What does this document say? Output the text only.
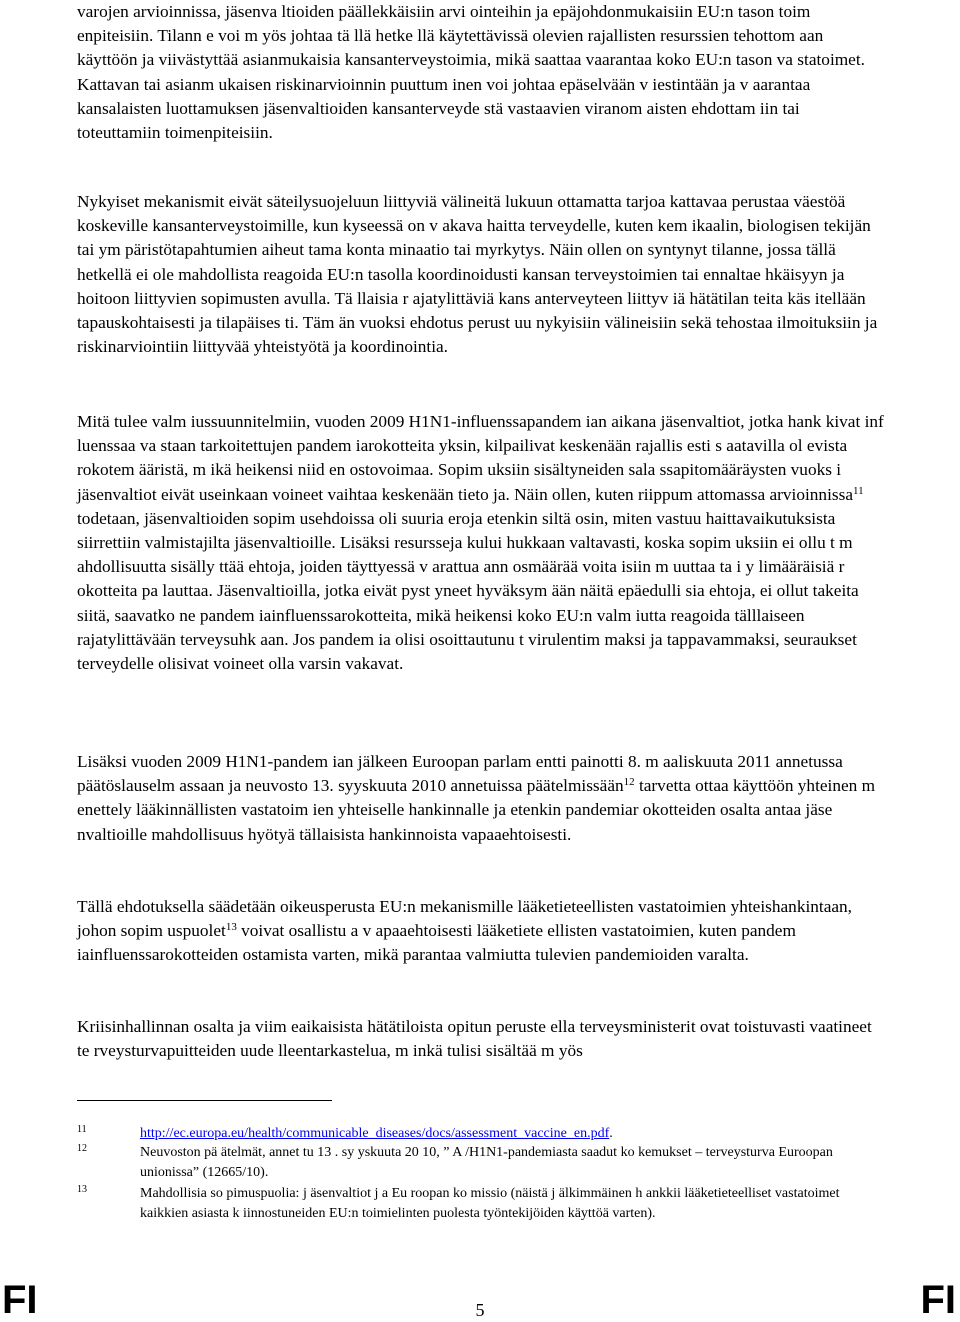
varojen arvioinnissa, jäsenva ltioiden päällekkäisiin arvi ointeihin ja epäjohdonmukaisiin EU:n tason toim enpiteisiin. Tilann e voi m yös johtaa tä llä hetke llä käytettävissä olevien rajallisten resurssien tehottom aan käyttöön ja viivästyttää asianmukaisia kansanterveystoimia, mikä saattaa vaarantaa koko EU:n tason va statoimet. Kattavan tai asianm ukaisen riskinarvioinnin puuttum inen voi johtaa epäselvään v iestintään ja v aarantaa kansalaisten luottamuksen jäsenvaltioiden kansanterveyde stä vastaavien viranom aisten ehdottam iin tai toteuttamiin toimenpiteisiin.

Nykyiset mekanismit eivät säteilysuojeluun liittyviä välineitä lukuun ottamatta tarjoa kattavaa perustaa väestöä koskeville kansanterveystoimille, kun kyseessä on v akava haitta terveydelle, kuten kem ikaalin, biologisen tekijän tai ym päristötapahtumien aiheut tama konta minaatio tai myrkytys. Näin ollen on syntynyt tilanne, jossa tällä hetkellä ei ole mahdollista reagoida EU:n tasolla koordinoidusti kansan terveystoimien tai ennaltae hkäisyyn ja hoitoon liittyvien sopimusten avulla. Tä llaisia r ajatylittäviä kans anterveyteen liittyv iä hätätilan teita käs itellään tapauskohtaisesti ja tilapäises ti. Täm än vuoksi ehdotus perust uu nykyisiin välineisiin sekä tehostaa ilmoituksiin ja riskinarviointiin liittyvää yhteistyötä ja koordinointia.

Mitä tulee valm iussuunnitelmiin, vuoden 2009 H1N1-influenssapandem ian aikana jäsenvaltiot, jotka hank kivat inf luenssaa va staan tarkoitettujen pandem iarokotteita yksin, kilpailivat keskenään rajallis esti s aatavilla ol evista rokotem ääristä, m ikä heikensi niid en ostovoimaa. Sopim uksiin sisältyneiden sala ssapitomääräysten vuoks i jäsenvaltiot eivät useinkaan voineet vaihtaa keskenään tieto ja. Näin ollen, kuten riippum attomassa arvioinnissa$^{11}$ todetaan, jäsenvaltioiden sopim usehdoissa oli suuria eroja etenkin siltä osin, miten vastuu haittavaikutuksista siirrettiin valmistajilta jäsenvaltioille. Lisäksi resursseja kului hukkaan valtavasti, koska sopim uksiin ei ollu t m ahdollisuutta sisälly ttää ehtoja, joiden täyttyessä v arattua ann osmäärää voita isiin m uuttaa ta i y limääräisiä r okotteita pa lauttaa. Jäsenvaltioilla, jotka eivät pyst yneet hyväksym ään näitä epäedulli sia ehtoja, ei ollut takeita siitä, saavatko ne pandem iainfluenssarokotteita, mikä heikensi koko EU:n valm iutta reagoida tälllaiseen rajatylittävään terveysuhk aan. Jos pandem ia olisi osoittautunu t virulentim maksi ja tappavammaksi, seuraukset terveydelle olisivat voineet olla varsin vakavat.

Lisäksi vuoden 2009 H1N1-pandem ian jälkeen Euroopan parlam entti painotti 8. m aaliskuuta 2011 annetussa päätöslauselm assaan ja neuvosto 13. syyskuuta 2010 annetuissa päätelmissään$^{12}$ tarvetta ottaa käyttöön yhteinen m enettely lääkinnällisten vastatoim ien yhteiselle hankinnalle ja etenkin pandemiar okotteiden osalta antaa jäse nvaltioille mahdollisuus hyötyä tällaisista hankinnoista vapaaehtoisesti.

Tällä ehdotuksella säädetään oikeusperusta EU:n mekanismille lääketieteellisten vastatoimien yhteishankintaan, johon sopim uspuolet$^{13}$ voivat osallistu a v apaaehtoisesti lääketiete ellisten vastatoimien, kuten pandem iainfluenssarokotteiden ostamista varten, mikä parantaa valmiutta tulevien pandemioiden varalta.

Kriisinhallinnan osalta ja viim eaikaisista hätätiloista opitun peruste ella terveysministerit ovat toistuvasti vaatineet te rveysturvapuitteiden uude lleentarkastelua, m inkä tulisi sisältää m yös

11	http://ec.europa.eu/health/communicable_diseases/docs/assessment_vaccine_en.pdf.
12	Neuvoston pä ätelmät, annet tu 13 . sy yskuuta 20 10, ” A /H1N1-pandemiasta saadut ko kemukset – terveysturva Euroopan unionissa” (12665/10).
13	Mahdollisia so pimuspuolia: j äsenvaltiot j a Eu roopan ko missio (näistä j älkimmäinen h ankkii lääketieteelliset vastatoimet kaikkien asiasta k iinnostuneiden EU:n toimielinten puolesta työntekijöiden käyttöä varten).
FI	5	FI
